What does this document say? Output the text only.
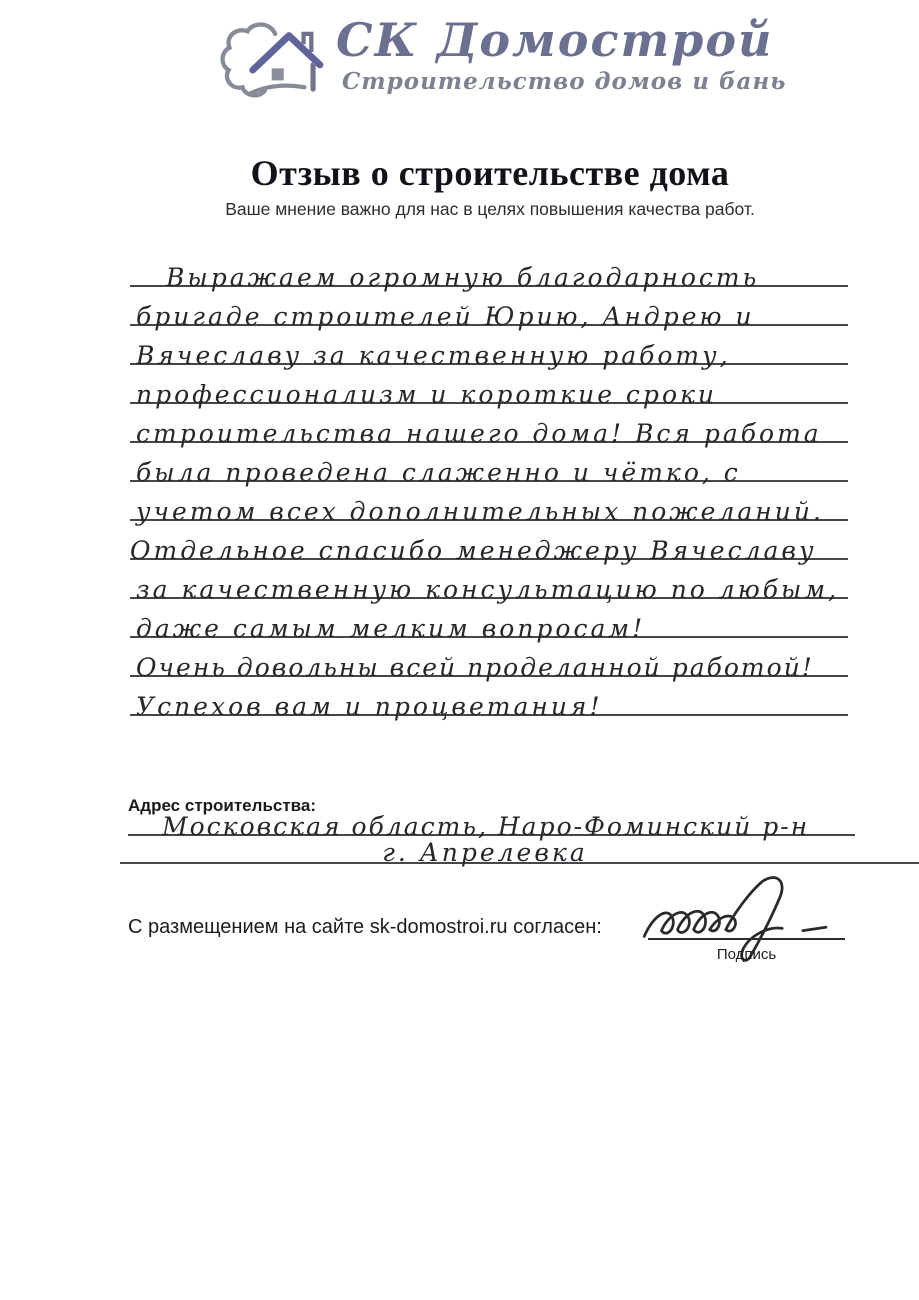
СК Домострой
Строительство домов и бань
Отзыв о строительстве дома

Ваше мнение важно для нас в целях повышения качества работ.

Выражаем огромную благодарность
бригаде строителей Юрию, Андрею и
Вячеславу за качественную работу,
профессионализм и короткие сроки
строительства нашего дома! Вся работа
была проведена слаженно и чётко, с
учетом всех дополнительных пожеланий.
Отдельное спасибо менеджеру Вячеславу
за качественную консультацию по любым,
даже самым мелким вопросам!
Очень довольны всей проделанной работой!
Успехов вам и процветания!
Адрес строительства:
Московская область, Наро-Фоминский р-н
г. Апрелевка
С размещением на сайте sk-domostroi.ru согласен:
Подпись
